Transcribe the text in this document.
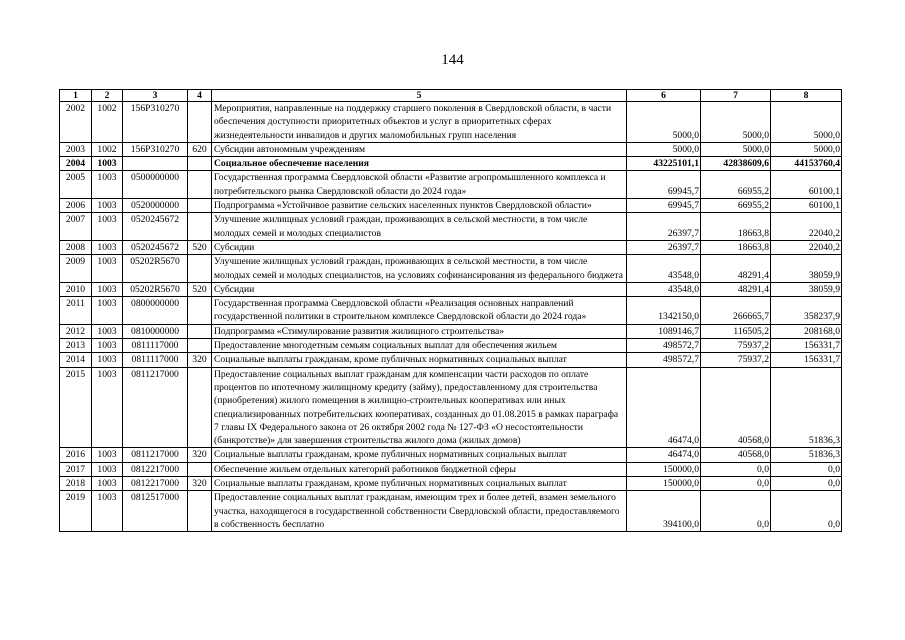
144
1	2	3	4	5	6	7	8
2002	1002	156Р310270		Мероприятия, направленные на поддержку старшего поколения в Свердловской области, в части обеспечения доступности приоритетных объектов и услуг в приоритетных сферах жизнедеятельности инвалидов и других маломобильных групп населения	5000,0	5000,0	5000,0
2003	1002	156Р310270	620	Субсидии автономным учреждениям	5000,0	5000,0	5000,0
2004	1003			Социальное обеспечение населения	43225101,1	42838609,6	44153760,4
2005	1003	0500000000		Государственная программа Свердловской области «Развитие агропромышленного комплекса и потребительского рынка Свердловской области до 2024 года»	69945,7	66955,2	60100,1
2006	1003	0520000000		Подпрограмма «Устойчивое развитие сельских населенных пунктов Свердловской области»	69945,7	66955,2	60100,1
2007	1003	0520245672		Улучшение жилищных условий граждан, проживающих в сельской местности, в том числе молодых семей и молодых специалистов	26397,7	18663,8	22040,2
2008	1003	0520245672	520	Субсидии	26397,7	18663,8	22040,2
2009	1003	05202R5670		Улучшение жилищных условий граждан, проживающих в сельской местности, в том числе молодых семей и молодых специалистов, на условиях софинансирования из федерального бюджета	43548,0	48291,4	38059,9
2010	1003	05202R5670	520	Субсидии	43548,0	48291,4	38059,9
2011	1003	0800000000		Государственная программа Свердловской области «Реализация основных направлений государственной политики в строительном комплексе Свердловской области до 2024 года»	1342150,0	266665,7	358237,9
2012	1003	0810000000		Подпрограмма «Стимулирование развития жилищного строительства»	1089146,7	116505,2	208168,0
2013	1003	0811117000		Предоставление многодетным семьям социальных выплат для обеспечения жильем	498572,7	75937,2	156331,7
2014	1003	0811117000	320	Социальные выплаты гражданам, кроме публичных нормативных социальных выплат	498572,7	75937,2	156331,7
2015	1003	0811217000		Предоставление социальных выплат гражданам для компенсации части расходов по оплате процентов по ипотечному жилищному кредиту (займу), предоставленному для строительства (приобретения) жилого помещения в жилищно-строительных кооперативах или иных специализированных потребительских кооперативах, созданных до 01.08.2015 в рамках параграфа 7 главы IX Федерального закона от 26 октября 2002 года № 127-ФЗ «О несостоятельности (банкротстве)» для завершения строительства жилого дома (жилых домов)	46474,0	40568,0	51836,3
2016	1003	0811217000	320	Социальные выплаты гражданам, кроме публичных нормативных социальных выплат	46474,0	40568,0	51836,3
2017	1003	0812217000		Обеспечение жильем отдельных категорий работников бюджетной сферы	150000,0	0,0	0,0
2018	1003	0812217000	320	Социальные выплаты гражданам, кроме публичных нормативных социальных выплат	150000,0	0,0	0,0
2019	1003	0812517000		Предоставление социальных выплат гражданам, имеющим трех и более детей, взамен земельного участка, находящегося в государственной собственности Свердловской области, предоставляемого в собственность бесплатно	394100,0	0,0	0,0
